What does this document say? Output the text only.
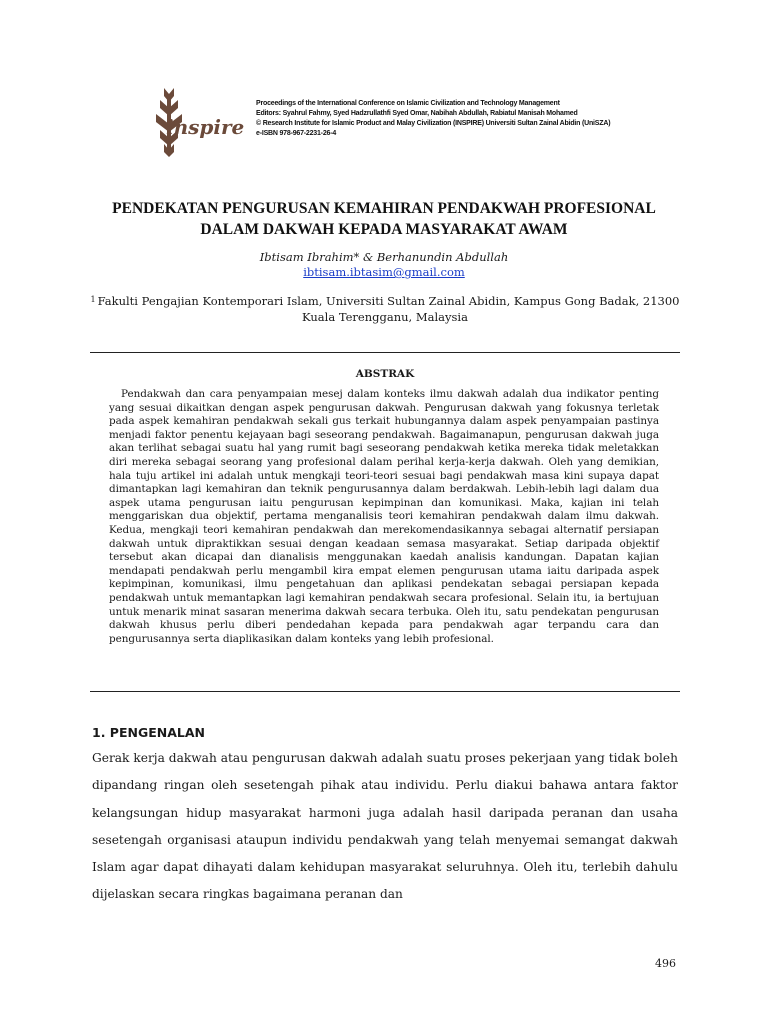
inspire
Proceedings of the International Conference on Islamic Civilization and Technology Management
Editors: Syahrul Fahmy, Syed Hadzrullathfi Syed Omar, Nabihah Abdullah, Rabiatul Manisah Mohamed
© Research Institute for Islamic Product and Malay Civilization (INSPIRE) Universiti Sultan Zainal Abidin (UniSZA)
e-ISBN 978-967-2231-26-4
PENDEKATAN PENGURUSAN KEMAHIRAN PENDAKWAH PROFESIONAL
DALAM DAKWAH KEPADA MASYARAKAT AWAM
Ibtisam Ibrahim* & Berhanundin Abdullah
ibtisam.ibtasim@gmail.com
$^1$ Fakulti Pengajian Kontemporari Islam, Universiti Sultan Zainal Abidin, Kampus Gong Badak, 21300 Kuala Terengganu, Malaysia
ABSTRAK
Pendakwah dan cara penyampaian mesej dalam konteks ilmu dakwah adalah dua indikator penting yang sesuai dikaitkan dengan aspek pengurusan dakwah. Pengurusan dakwah yang fokusnya terletak pada aspek kemahiran pendakwah sekali gus terkait hubungannya dalam aspek penyampaian pastinya menjadi faktor penentu kejayaan bagi seseorang pendakwah. Bagaimanapun, pengurusan dakwah juga akan terlihat sebagai suatu hal yang rumit bagi seseorang pendakwah ketika mereka tidak meletakkan diri mereka sebagai seorang yang profesional dalam perihal kerja-kerja dakwah. Oleh yang demikian, hala tuju artikel ini adalah untuk mengkaji teori-teori sesuai bagi pendakwah masa kini supaya dapat dimantapkan lagi kemahiran dan teknik pengurusannya dalam berdakwah. Lebih-lebih lagi dalam dua aspek utama pengurusan iaitu pengurusan kepimpinan dan komunikasi. Maka, kajian ini telah menggariskan dua objektif, pertama menganalisis teori kemahiran pendakwah dalam ilmu dakwah. Kedua, mengkaji teori kemahiran pendakwah dan merekomendasikannya sebagai alternatif persiapan dakwah untuk dipraktikkan sesuai dengan keadaan semasa masyarakat. Setiap daripada objektif tersebut akan dicapai dan dianalisis menggunakan kaedah analisis kandungan. Dapatan kajian mendapati pendakwah perlu mengambil kira empat elemen pengurusan utama iaitu daripada aspek kepimpinan, komunikasi, ilmu pengetahuan dan aplikasi pendekatan sebagai persiapan kepada pendakwah untuk memantapkan lagi kemahiran pendakwah secara profesional. Selain itu, ia bertujuan untuk menarik minat sasaran menerima dakwah secara terbuka. Oleh itu, satu pendekatan pengurusan dakwah khusus perlu diberi pendedahan kepada para pendakwah agar terpandu cara dan pengurusannya serta diaplikasikan dalam konteks yang lebih profesional.
1. PENGENALAN
Gerak kerja dakwah atau pengurusan dakwah adalah suatu proses pekerjaan yang tidak boleh dipandang ringan oleh sesetengah pihak atau individu. Perlu diakui bahawa antara faktor kelangsungan hidup masyarakat harmoni juga adalah hasil daripada peranan dan usaha sesetengah organisasi ataupun individu pendakwah yang telah menyemai semangat dakwah Islam agar dapat dihayati dalam kehidupan masyarakat seluruhnya. Oleh itu, terlebih dahulu dijelaskan secara ringkas bagaimana peranan dan
496
